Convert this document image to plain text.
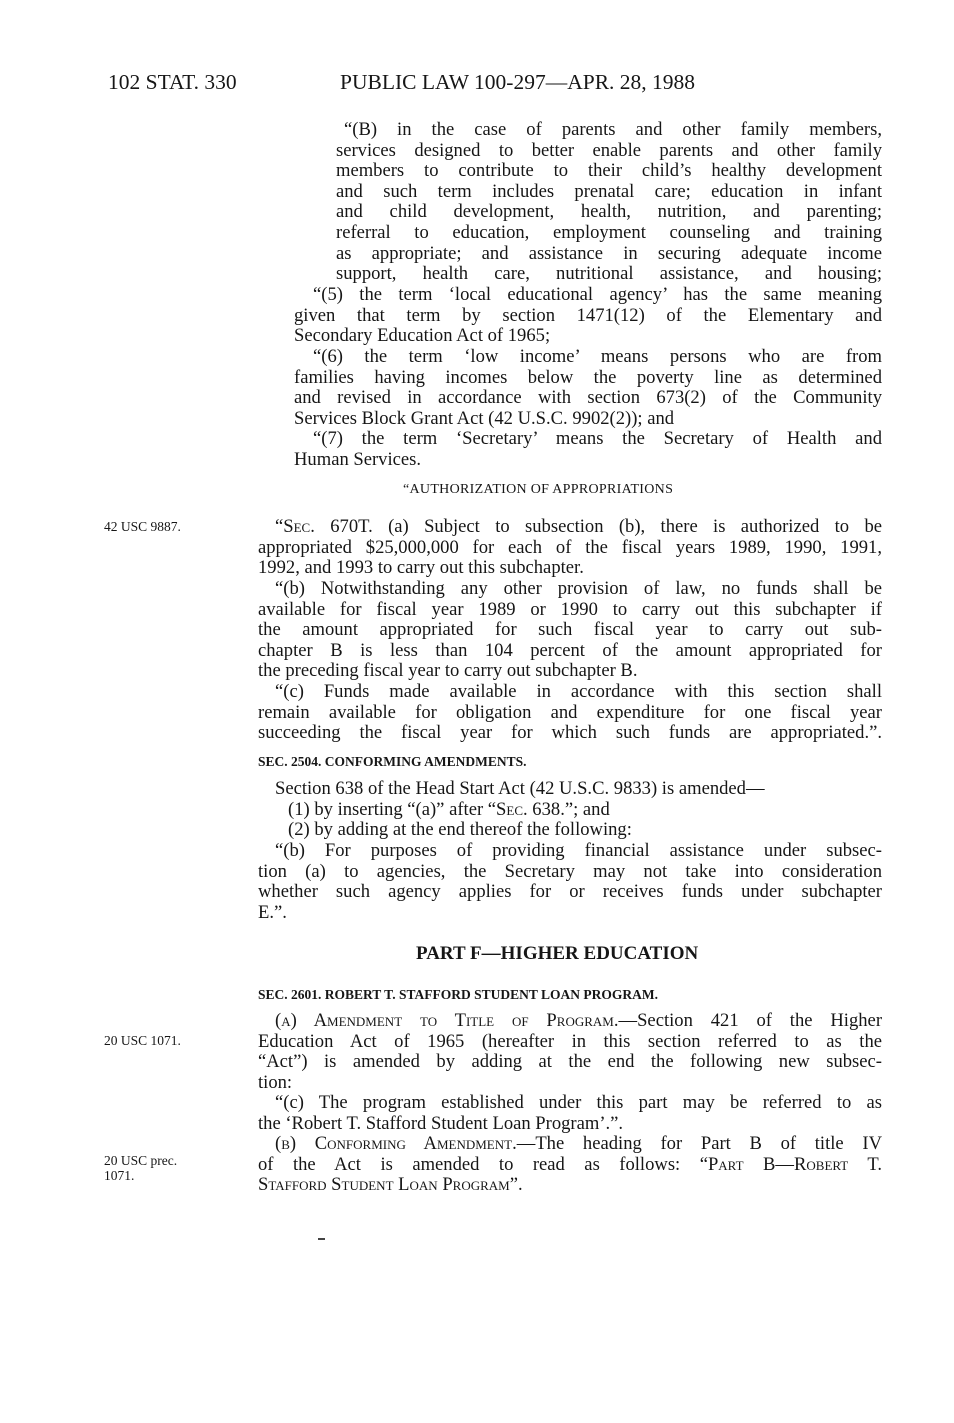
102 STAT. 330	PUBLIC LAW 100-297—APR. 28, 1988
“(B) in the case of parents and other family members,
services designed to better enable parents and other family
members to contribute to their child’s healthy development
and such term includes prenatal care; education in infant
and child development, health, nutrition, and parenting;
referral to education, employment counseling and training
as appropriate; and assistance in securing adequate income
support, health care, nutritional assistance, and housing;
“(5) the term ‘local educational agency’ has the same meaning
given that term by section 1471(12) of the Elementary and
Secondary Education Act of 1965;
“(6) the term ‘low income’ means persons who are from
families having incomes below the poverty line as determined
and revised in accordance with section 673(2) of the Community
Services Block Grant Act (42 U.S.C. 9902(2)); and
“(7) the term ‘Secretary’ means the Secretary of Health and
Human Services.
“AUTHORIZATION OF APPROPRIATIONS
42 USC 9887.	“Sec. 670T. (a) Subject to subsection (b), there is authorized to be
appropriated $25,000,000 for each of the fiscal years 1989, 1990, 1991,
1992, and 1993 to carry out this subchapter.
“(b) Notwithstanding any other provision of law, no funds shall be
available for fiscal year 1989 or 1990 to carry out this subchapter if
the amount appropriated for such fiscal year to carry out sub-
chapter B is less than 104 percent of the amount appropriated for
the preceding fiscal year to carry out subchapter B.
“(c) Funds made available in accordance with this section shall
remain available for obligation and expenditure for one fiscal year
succeeding the fiscal year for which such funds are appropriated.”.
SEC. 2504. CONFORMING AMENDMENTS.
Section 638 of the Head Start Act (42 U.S.C. 9833) is amended—
(1) by inserting “(a)” after “Sec. 638.”; and
(2) by adding at the end thereof the following:
“(b) For purposes of providing financial assistance under subsec-
tion (a) to agencies, the Secretary may not take into consideration
whether such agency applies for or receives funds under subchapter
E.”.
PART F—HIGHER EDUCATION
SEC. 2601. ROBERT T. STAFFORD STUDENT LOAN PROGRAM.
20 USC 1071.
20 USC prec.
1071.
(a) Amendment to Title of Program.—Section 421 of the Higher
Education Act of 1965 (hereafter in this section referred to as the
“Act”) is amended by adding at the end the following new subsec-
tion:
“(c) The program established under this part may be referred to as
the ‘Robert T. Stafford Student Loan Program’.”.
(b) Conforming Amendment.—The heading for Part B of title IV
of the Act is amended to read as follows: “Part B—Robert T.
Stafford Student Loan Program”.
